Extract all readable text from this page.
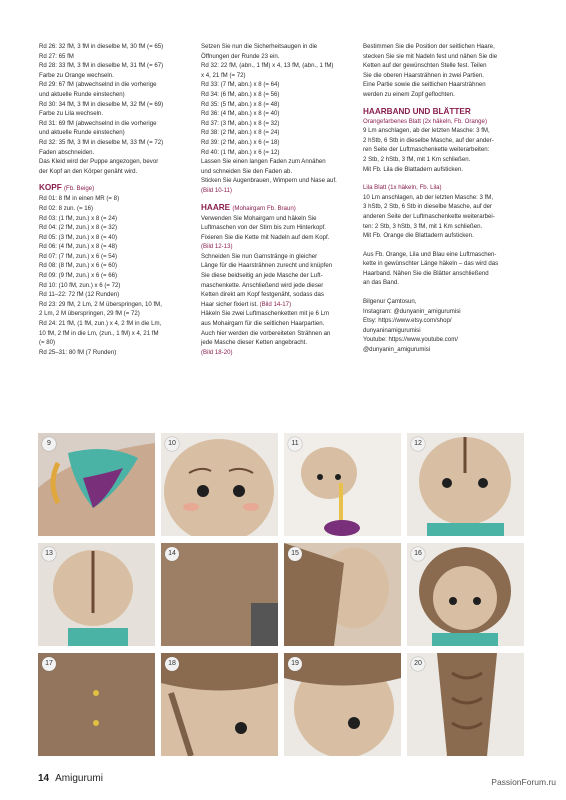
Rd 26: 32 fM, 3 fM in dieselbe M, 30 fM (= 65)
Rd 27: 65 fM
Rd 28: 33 fM, 3 fM in dieselbe M, 31 fM (= 67)
Farbe zu Orange wechseln.
Rd 29: 67 fM (abwechselnd in die vorherige
und aktuelle Runde einstechen)
Rd 30: 34 fM, 3 fM in dieselbe M, 32 fM (= 69)
Farbe zu Lila wechseln.
Rd 31: 69 fM (abwechselnd in die vorherige
und aktuelle Runde einstechen)
Rd 32: 35 fM, 3 fM in dieselbe M, 33 fM (= 72)
Faden abschneiden.
Das Kleid wird der Puppe angezogen, bevor
der Kopf an den Körper genäht wird.
KOPF (Fb. Beige)
Rd 01: 8 fM in einen MR (= 8)
Rd 02: 8 zun. (= 16)
Rd 03: (1 fM, zun.) x 8 (= 24)
Rd 04: (2 fM, zun.) x 8 (= 32)
Rd 05: (3 fM, zun.) x 8 (= 40)
Rd 06: (4 fM, zun.) x 8 (= 48)
Rd 07: (7 fM, zun.) x 6 (= 54)
Rd 08: (8 fM, zun.) x 6 (= 60)
Rd 09: (9 fM, zun.) x 6 (= 66)
Rd 10: (10 fM, zun.) x 6 (= 72)
Rd 11–22: 72 fM (12 Runden)
Rd 23: 29 fM, 2 Lm, 2 M überspringen, 10 fM,
2 Lm, 2 M überspringen, 29 fM (= 72)
Rd 24: 21 fM, (1 fM, zun.) x 4, 2 fM in die Lm,
10 fM, 2 fM in die Lm, (zun., 1 fM) x 4, 21 fM
(= 80)
Rd 25–31: 80 fM (7 Runden)
Setzen Sie nun die Sicherheitsaugen in die
Öffnungen der Runde 23 ein.
Rd 32: 22 fM, (abn., 1 fM) x 4, 13 fM, (abn., 1 fM)
x 4, 21 fM (= 72)
Rd 33: (7 fM, abn.) x 8 (= 64)
Rd 34: (6 fM, abn.) x 8 (= 56)
Rd 35: (5 fM, abn.) x 8 (= 48)
Rd 36: (4 fM, abn.) x 8 (= 40)
Rd 37: (3 fM, abn.) x 8 (= 32)
Rd 38: (2 fM, abn.) x 8 (= 24)
Rd 39: (2 fM, abn.) x 6 (= 18)
Rd 40: (1 fM, abn.) x 6 (= 12)
Lassen Sie einen langen Faden zum Annähen
und schneiden Sie den Faden ab.
Sticken Sie Augenbrauen, Wimpern und Nase auf.
(Bild 10-11)
HAARE (Mohairgarn Fb. Braun)
Verwenden Sie Mohairgarn und häkeln Sie
Luftmaschen von der Stirn bis zum Hinterkopf.
Fixieren Sie die Kette mit Nadeln auf dem Kopf.
(Bild 12-13)
Schneiden Sie nun Garnstränge in gleicher
Länge für die Haarsträhnen zurecht und knüpfen
Sie diese beidseitig an jede Masche der Luft-
maschenkette. Anschließend wird jede dieser
Ketten direkt am Kopf festgenäht, sodass das
Haar sicher fixiert ist. (Bild 14-17)
Häkeln Sie zwei Luftmaschenketten mit je 6 Lm
aus Mohairgarn für die seitlichen Haarpartien.
Auch hier werden die vorbereiteten Strähnen an
jede Masche dieser Ketten angebracht.
(Bild 18-20)
Bestimmen Sie die Position der seitlichen Haare,
stecken Sie sie mit Nadeln fest und nähen Sie die
Ketten auf der gewünschten Stelle fest. Teilen
Sie die oberen Haarsträhnen in zwei Partien.
Eine Partie sowie die seitlichen Haarsträhnen
werden zu einem Zopf geflochten.
HAARBAND UND BLÄTTER
Orangefarbenes Blatt (2x häkeln, Fb. Orange)
9 Lm anschlagen, ab der letzten Masche: 3 fM,
2 hStb, 6 Stb in dieselbe Masche, auf der ander-
ren Seite der Luftmaschenkette weiterarbeiten:
2 Stb, 2 hStb, 3 fM, mit 1 Km schließen.
Mit Fb. Lila die Blattadern aufsticken.
Lila Blatt (1x häkeln, Fb. Lila)
10 Lm anschlagen, ab der letzten Masche: 3 fM,
3 hStb, 2 Stb, 6 Stb in dieselbe Masche, auf der
anderen Seite der Luftmaschenkette weiterarbei-
ten: 2 Stb, 3 hStb, 3 fM, mit 1 Km schließen.
Mit Fb. Orange die Blattadern aufsticken.
Aus Fb. Orange, Lila und Blau eine Luftmaschen-
kette in gewünschter Länge häkeln – das wird das
Haarband. Nähen Sie die Blätter anschließend
an das Band.
Bilgenur Çamtosun,
Instagram: @dunyanin_amigurumisi
Etsy: https://www.etsy.com/shop/
dunyaninamigurumisi
Youtube: https://www.youtube.com/
@dunyanin_amigurumisi
9	10	11	12
13	14	15	16
17	18	19	20
14 Amigurumi	PassionForum.ru
